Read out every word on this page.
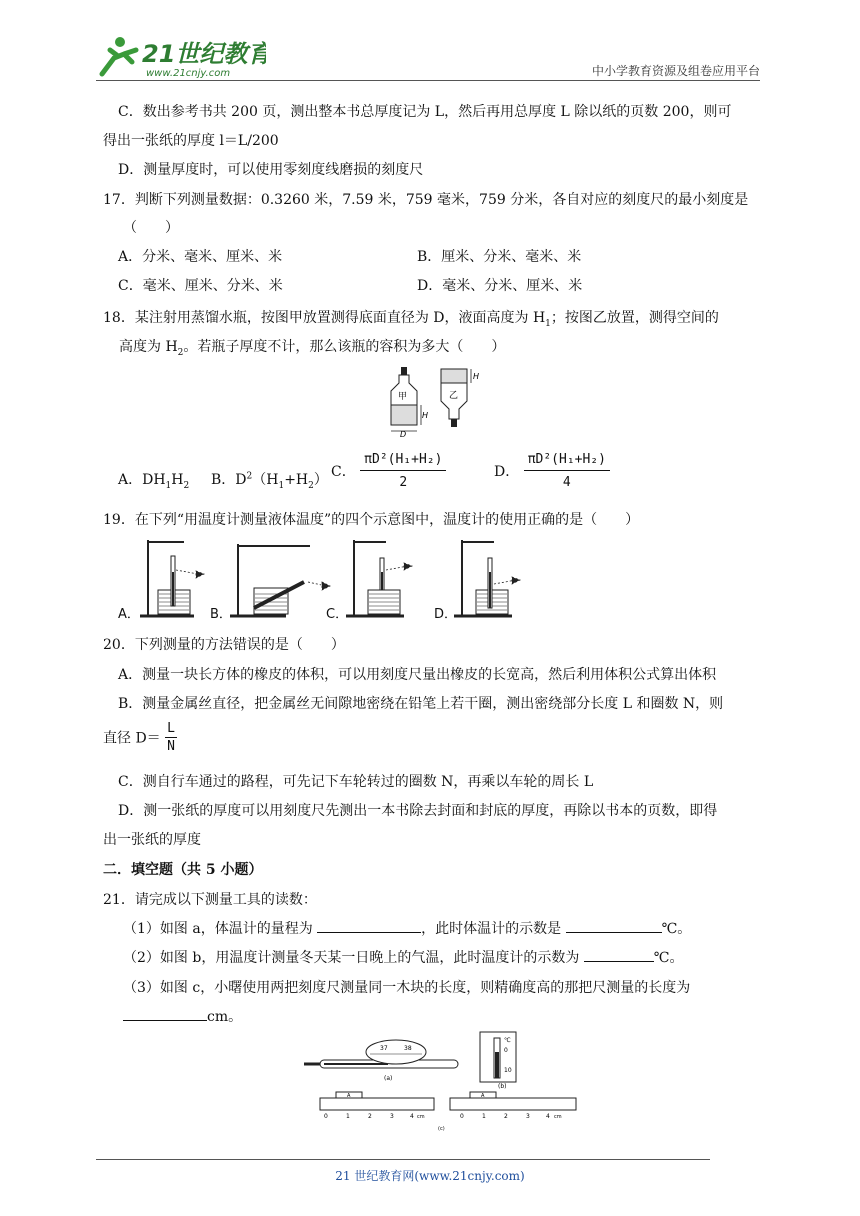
21世纪教育
www.21cnjy.com	中小学教育资源及组卷应用平台
C．数出参考书共 200 页，测出整本书总厚度记为 L，然后再用总厚度 L 除以纸的页数 200，则可
得出一张纸的厚度 l＝L/200
D．测量厚度时，可以使用零刻度线磨损的刻度尺
17．判断下列测量数据：0.3260 米，7.59 米，759 毫米，759 分米，各自对应的刻度尺的最小刻度是
（　　）
A．分米、毫米、厘米、米	B．厘米、分米、毫米、米
C．毫米、厘米、分米、米	D．毫米、分米、厘米、米
18．某注射用蒸馏水瓶，按图甲放置测得底面直径为 D，液面高度为 $H_1$；按图乙放置，测得空间的
高度为 $H_2$。若瓶子厚度不计，那么该瓶的容积为多大（　　）
甲
H
D
乙
H
A．$DH_1H_2$ B．$D^2(H_1+H_2)$ C． $\frac{\text{πD²(H₁+H₂)}}{2}$	D． $\frac{\text{πD²(H₁+H₂)}}{4}$
19．在下列“用温度计测量液体温度”的四个示意图中，温度计的使用正确的是（　　）
A．	B．	C．	D．
20．下列测量的方法错误的是（　　）
A．测量一块长方体的橡皮的体积，可以用刻度尺量出橡皮的长宽高，然后利用体积公式算出体积
B．测量金属丝直径，把金属丝无间隙地密绕在铅笔上若干圈，测出密绕部分长度 L 和圈数 N，则
直径 $D= \frac{L}{N}$
C．测自行车通过的路程，可先记下车轮转过的圈数 N，再乘以车轮的周长 L
D．测一张纸的厚度可以用刻度尺先测出一本书除去封面和封底的厚度，再除以书本的页数，即得
出一张纸的厚度
二．填空题（共 5 小题）
21．请完成以下测量工具的读数：
（1）如图 a，体温计的量程为	，此时体温计的示数是	℃。
（2）如图 b，用温度计测量冬天某一日晚上的气温，此时温度计的示数为	℃。
（3）如图 c，小曙使用两把刻度尺测量同一木块的长度，则精确度高的那把尺测量的长度为
cm。
37	38
(a)
℃
0
10
(b)
A
0	1	2	3	4 cm
A
0	1	2	3	4 cm
(c)
21 世纪教育网(www.21cnjy.com)
